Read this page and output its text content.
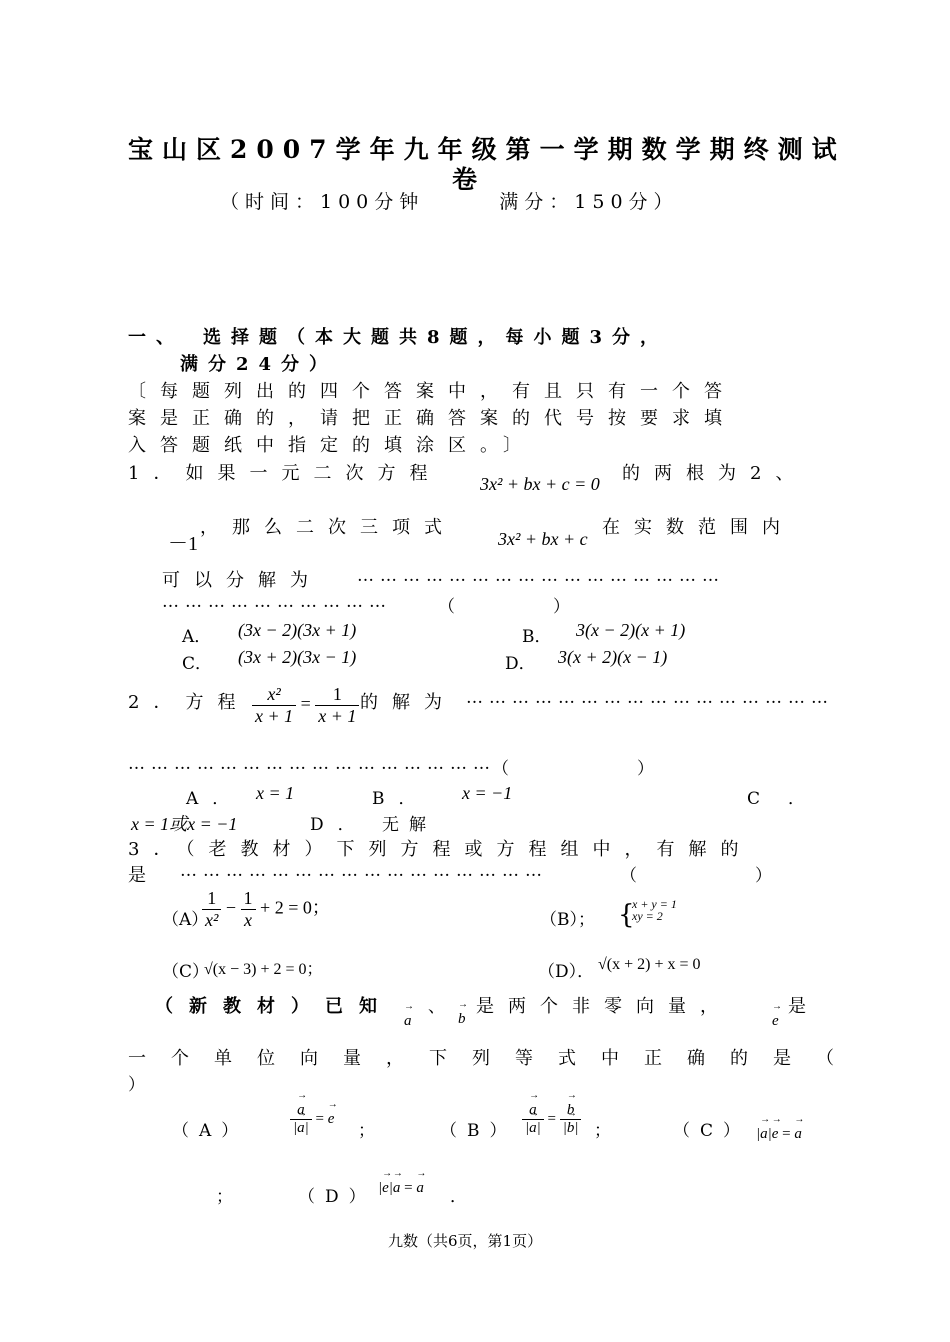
宝山区2007学年九年级第一学期数学期终测试
卷
（时间：100分钟　　　满分：150分）
一、　选择题（本大题共8题，每小题3分，
满分24分）
〔每题列出的四个答案中，有且只有一个答
案是正确的，请把正确答案的代号按要求填
入答题纸中指定的填涂区。〕
1．如果一元二次方程 3x² + bx + c = 0 的两根为2、
－1
，那么二次三项式
3x² + bx + c
在实数范围内
可以分解为 …………………………………………
…………………………	（　　　　）
A． (3x − 2)(3x + 1)	B． 3(x − 2)(x + 1)
C． (3x + 2)(3x − 1)	D． 3(x + 2)(x − 1)
2．方程 $\frac{\text{x²}}{x + 1} = \frac{1}{x + 1}$ 的解为 …………………………………………
…………………………………………
（　　　　）
A． x = 1	B． x = −1	C．
x = 1或x = −1	D． 无解
3．（老教材）下列方程或方程组中，有解的
是 …………………………………………	（　　　　）
（A）
$\frac{1}{\text{x²}} - \frac{1}{x} + 2 = 0$；
（B）； {
x + y = 1
xy = 2
（C）
√(x − 3) + 2 = 0；	（D）． √(x + 2) + x = 0
（新教材）已知
→ a
、
→ b
是两个非零向量，
→ e
是
一个单位向量，下列等式中正确的是（
）
（A）
→	$\frac{a}{|\to a|}$ = → e
；	（B）
→ $\frac{a}{|\to a|}$ =
→ $\frac{b}{|\to b|}$ ；	（C） |→ a|→ e = → a
；	（D） |→ e|→ a = → a ．
九数（共6页，第1页）
